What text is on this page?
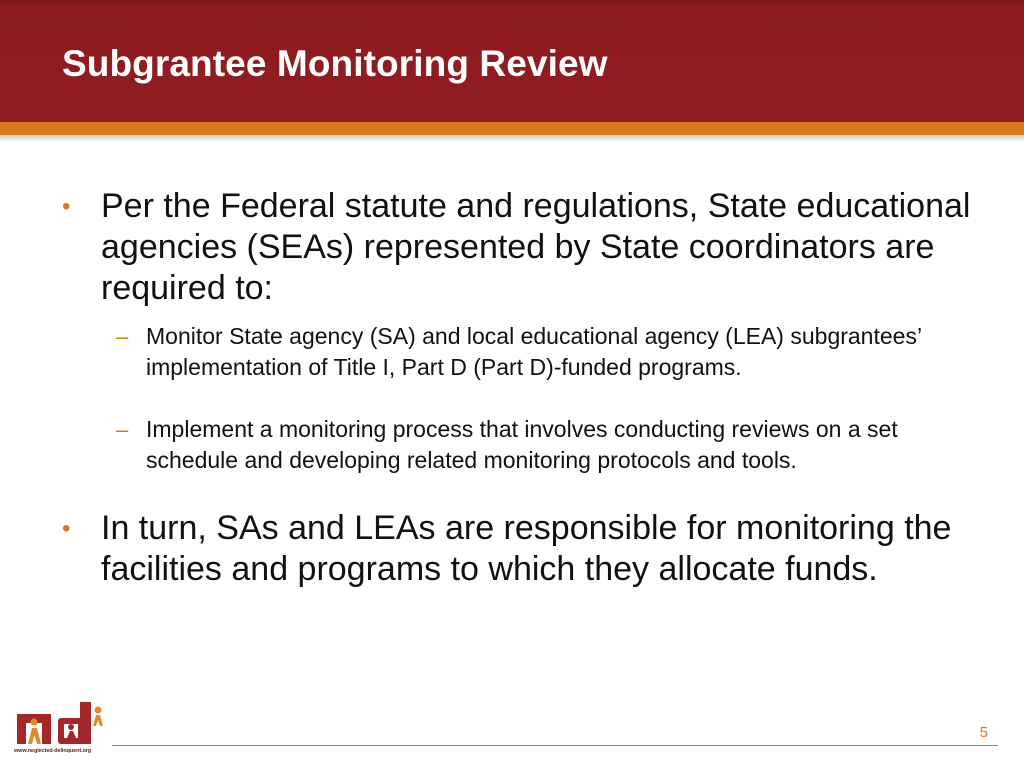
Subgrantee Monitoring Review
• Per the Federal statute and regulations, State educational agencies (SEAs) represented by State coordinators are required to:
– Monitor State agency (SA) and local educational agency (LEA) subgrantees’ implementation of Title I, Part D (Part D)-funded programs.
– Implement a monitoring process that involves conducting reviews on a set schedule and developing related monitoring protocols and tools.
• In turn, SAs and LEAs are responsible for monitoring the facilities and programs to which they allocate funds.
www.neglected-delinquent.org
5
